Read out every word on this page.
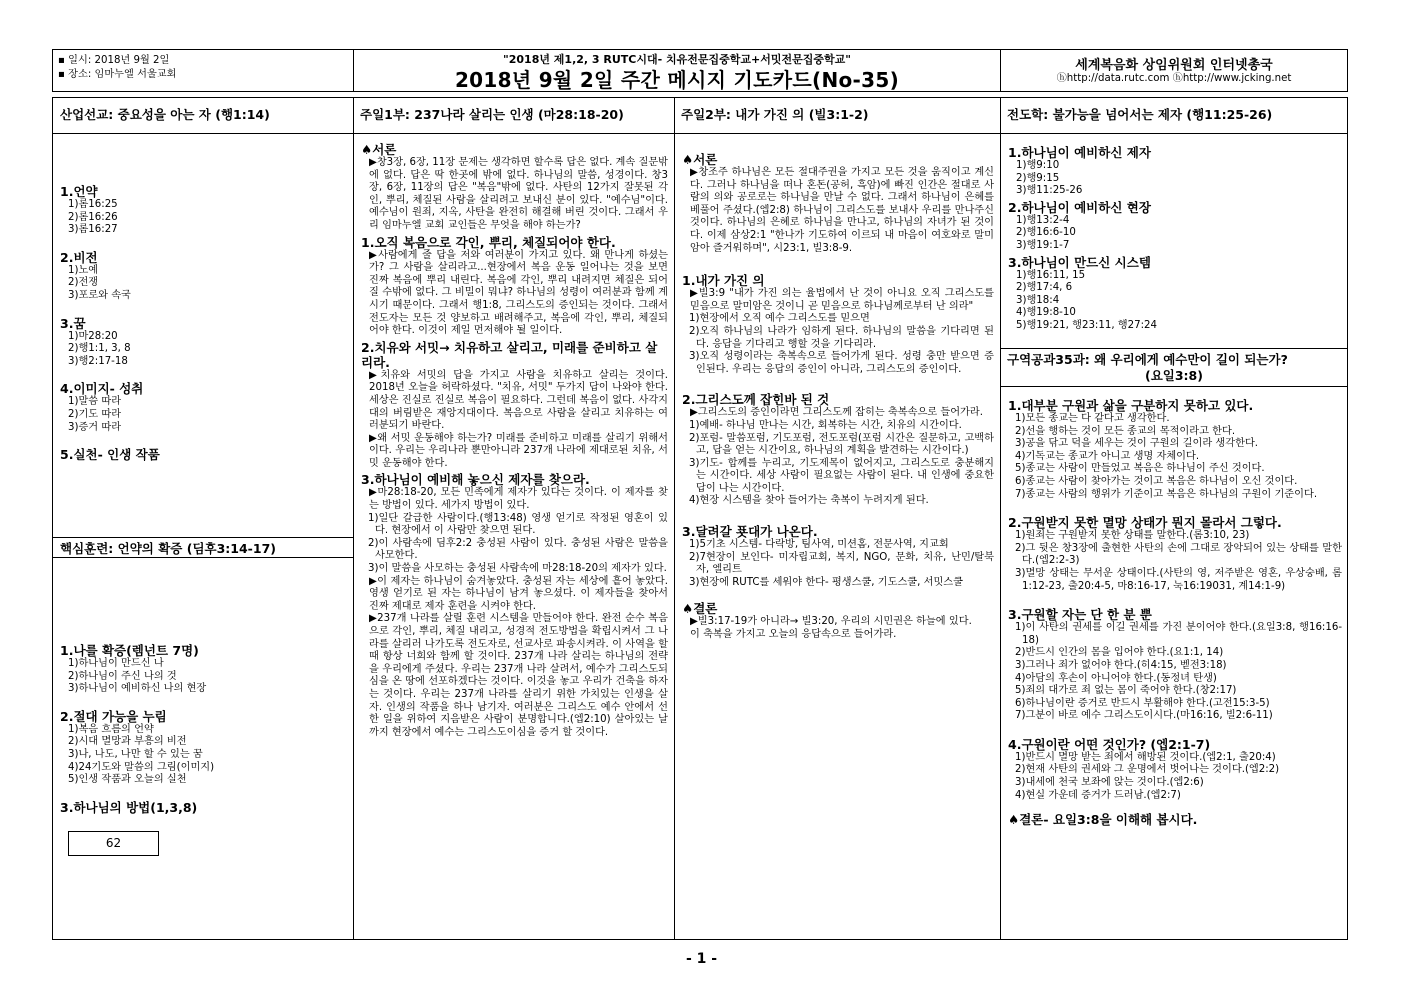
▪ 일시: 2018년 9월 2일
▪ 장소: 임마누엘 서울교회
"2018년 제1,2, 3 RUTC시대- 치유전문집중학교+서밋전문집중학교"
2018년 9월 2일 주간 메시지 기도카드(No-35)
세계복음화 상임위원회 인터넷총국
ⓗhttp://data.rutc.com ⓗhttp://www.jcking.net
산업선교: 중요성을 아는 자 (행1:14)	주일1부: 237나라 살리는 인생 (마28:18-20)	주일2부: 내가 가진 의 (빌3:1-2)	전도학: 불가능을 넘어서는 제자 (행11:25-26)
1.언약
1)롬16:25
2)롬16:26
3)롬16:27
2.비전
1)노예
2)전쟁
3)포로와 속국
3.꿈
1)마28:20
2)행1:1, 3, 8
3)행2:17-18
4.이미지- 성취
1)말씀 따라
2)기도 따라
3)증거 따라
5.실천- 인생 작품
핵심훈련: 언약의 확증 (딤후3:14-17)
1.나를 확증(렘넌트 7명)
1)하나님이 만드신 나
2)하나님이 주신 나의 것
3)하나님이 예비하신 나의 현장
2.절대 가능을 누림
1)복음 흐름의 언약
2)시대 멸망과 부흥의 비전
3)나, 나도, 나만 할 수 있는 꿈
4)24기도와 말씀의 그림(이미지)
5)인생 작품과 오늘의 실천
3.하나님의 방법(1,3,8)
62
♠서론
▶창3장, 6장, 11장 문제는 생각하면 할수록 답은 없다. 계속 질문밖에 없다. 답은 딱 한곳에 밖에 없다. 하나님의 말씀, 성경이다. 창3장, 6장, 11장의 답은 "복음"밖에 없다. 사탄의 12가지 잘못된 각인, 뿌리, 체질된 사람을 살리려고 보내신 분이 있다. "예수님"이다. 예수님이 원죄, 지옥, 사탄을 완전히 해결해 버린 것이다. 그래서 우리 임마누엘 교회 교인들은 무엇을 해야 하는가?
1.오직 복음으로 각인, 뿌리, 체질되어야 한다.
▶사람에게 줄 답을 저와 여러분이 가지고 있다. 왜 만나게 하셨는가? 그 사람을 살리라고...현장에서 복음 운동 일어나는 것을 보면 진짜 복음에 뿌리 내린다. 복음에 각인, 뿌리 내려지면 체질은 되어질 수밖에 없다. 그 비밀이 뭐냐? 하나님의 성령이 여러분과 함께 계시기 때문이다. 그래서 행1:8, 그리스도의 증인되는 것이다. 그래서 전도자는 모든 것 양보하고 배려해주고, 복음에 각인, 뿌리, 체질되어야 한다. 이것이 제일 먼저해야 될 일이다.
2.치유와 서밋→ 치유하고 살리고, 미래를 준비하고 살리라.
▶치유와 서밋의 답을 가지고 사람을 치유하고 살리는 것이다. 2018년 오늘을 허락하셨다. "치유, 서밋" 두가지 답이 나와야 한다. 세상은 진실로 진실로 복음이 필요하다. 그런데 복음이 없다. 사각지대의 버림받은 재앙지대이다. 복음으로 사람을 살리고 치유하는 여러분되기 바란다.
▶왜 서밋 운동해야 하는가? 미래를 준비하고 미래를 살리기 위해서이다. 우리는 우리나라 뿐만아니라 237개 나라에 제대로된 치유, 서밋 운동해야 한다.
3.하나님이 예비해 놓으신 제자를 찾으라.
▶마28:18-20, 모든 민족에게 제자가 있다는 것이다. 이 제자를 찾는 방법이 있다. 세가지 방법이 있다.
1)일단 갈급한 사람이다.(행13:48) 영생 얻기로 작정된 영혼이 있다. 현장에서 이 사람만 찾으면 된다.
2)이 사람속에 딤후2:2 충성된 사람이 있다. 충성된 사람은 말씀을 사모한다.
3)이 말씀을 사모하는 충성된 사람속에 마28:18-20의 제자가 있다.
▶이 제자는 하나님이 숨겨놓았다. 충성된 자는 세상에 흩어 놓았다. 영생 얻기로 된 자는 하나님이 남겨 놓으셨다. 이 제자들을 찾아서 진짜 제대로 제자 훈련을 시켜야 한다.
▶237개 나라를 살릴 훈련 시스템을 만들어야 한다. 완전 순수 복음으로 각인, 뿌리, 체질 내리고, 성경적 전도방법을 확립시켜서 그 나라를 살리러 나가도록 전도자로, 선교사로 파송시켜라. 이 사역을 할 때 항상 너희와 함께 할 것이다. 237개 나라 살리는 하나님의 전략을 우리에게 주셨다. 우리는 237개 나라 살려서, 예수가 그리스도되심을 온 땅에 선포하겠다는 것이다. 이것을 놓고 우리가 건축을 하자는 것이다. 우리는 237개 나라를 살리기 위한 가치있는 인생을 살자. 인생의 작품을 하나 남기자. 여러분은 그리스도 예수 안에서 선한 일을 위하여 지음받은 사람이 분명합니다.(엡2:10) 살아있는 날까지 현장에서 예수는 그리스도이심을 증거 할 것이다.
♠서론
▶창조주 하나님은 모든 절대주권을 가지고 모든 것을 움직이고 계신다. 그러나 하나님을 떠나 혼돈(공허, 흑암)에 빠진 인간은 절대로 사람의 의와 공로로는 하나님을 만날 수 없다. 그래서 하나님이 은혜를 베풀어 주셨다.(엡2:8) 하나님이 그리스도를 보내사 우리를 만나주신 것이다. 하나님의 은혜로 하나님을 만나고, 하나님의 자녀가 된 것이다. 이제 삼상2:1 "한나가 기도하여 이르되 내 마음이 여호와로 말미암아 즐거워하며", 시23:1, 빌3:8-9.
1.내가 가진 의
▶빌3:9 "내가 가진 의는 율법에서 난 것이 아니요 오직 그리스도를 믿음으로 말미암은 것이니 곧 믿음으로 하나님께로부터 난 의라"
1)현장에서 오직 예수 그리스도를 믿으면
2)오직 하나님의 나라가 임하게 된다. 하나님의 말씀을 기다리면 된다. 응답을 기다리고 행할 것을 기다리라.
3)오직 성령이라는 축복속으로 들어가게 된다. 성령 충만 받으면 증인된다. 우리는 응답의 증인이 아니라, 그리스도의 증인이다.
2.그리스도께 잡힌바 된 것
▶그리스도의 증인이라면 그리스도께 잡히는 축복속으로 들어가라.
1)예배- 하나님 만나는 시간, 회복하는 시간, 치유의 시간이다.
2)포럼- 말씀포럼, 기도포럼, 전도포럼(포럼 시간은 질문하고, 고백하고, 답을 얻는 시간이요, 하나님의 계획을 발견하는 시간이다.)
3)기도- 합께를 누리고, 기도제목이 없어지고, 그리스도로 충분해지는 시간이다. 세상 사람이 필요없는 사람이 된다. 내 인생에 중요한 답이 나는 시간이다.
4)현장 시스템을 찾아 들어가는 축복이 누려지게 된다.
3.달려갈 푯대가 나온다.
1)5기초 시스템- 다락방, 팀사역, 미션홈, 전문사역, 지교회
2)7현장이 보인다- 미자립교회, 복지, NGO, 문화, 치유, 난민/탈북자, 엘리트
3)현장에 RUTC를 세워야 한다- 평생스쿨, 기도스쿨, 서밋스쿨
♠결론
▶빌3:17-19가 아니라→ 빌3:20, 우리의 시민권은 하늘에 있다.
이 축복을 가지고 오늘의 응답속으로 들어가라.
1.하나님이 예비하신 제자
1)행9:10
2)행9:15
3)행11:25-26
2.하나님이 예비하신 현장
1)행13:2-4
2)행16:6-10
3)행19:1-7
3.하나님이 만드신 시스템
1)행16:11, 15
2)행17:4, 6
3)행18:4
4)행19:8-10
5)행19:21, 행23:11, 행27:24
구역공과35과: 왜 우리에게 예수만이 길이 되는가?
(요일3:8)
1.대부분 구원과 삶을 구분하지 못하고 있다.
1)모든 종교는 다 같다고 생각한다.
2)선을 행하는 것이 모든 종교의 목적이라고 한다.
3)공을 닦고 덕을 세우는 것이 구원의 길이라 생각한다.
4)기독교는 종교가 아니고 생명 자체이다.
5)종교는 사람이 만들었고 복음은 하나님이 주신 것이다.
6)종교는 사람이 찾아가는 것이고 복음은 하나님이 오신 것이다.
7)종교는 사람의 행위가 기준이고 복음은 하나님의 구원이 기준이다.
2.구원받지 못한 멸망 상태가 뭔지 몰라서 그렇다.
1)원죄는 구원받지 못한 상태를 말한다.(롬3:10, 23)
2)그 뒷은 창3장에 출현한 사탄의 손에 그대로 장악되어 있는 상태를 말한다.(엡2:2-3)
3)멸망 상태는 무서운 상태이다.(사탄의 영, 저주받은 영혼, 우상숭배, 롬1:12-23, 출20:4-5, 마8:16-17, 눅16:19031, 계14:1-9)
3.구원할 자는 단 한 분 뿐
1)이 사탄의 권세를 이길 권세를 가진 분이어야 한다.(요일3:8, 행16:16-18)
2)반드시 인간의 몸을 입어야 한다.(요1:1, 14)
3)그러나 죄가 없어야 한다.(히4:15, 벧전3:18)
4)아담의 후손이 아니어야 한다.(동정녀 탄생)
5)죄의 대가로 죄 없는 몸이 죽어야 한다.(창2:17)
6)하나님이란 증거로 반드시 부활해야 한다.(고전15:3-5)
7)그분이 바로 예수 그리스도이시다.(마16:16, 빌2:6-11)
4.구원이란 어떤 것인가? (엡2:1-7)
1)반드시 멸망 받는 죄에서 해방된 것이다.(엡2:1, 출20:4)
2)현재 사탄의 권세와 그 운명에서 벗어나는 것이다.(엡2:2)
3)내세에 천국 보좌에 앉는 것이다.(엡2:6)
4)현실 가운데 증거가 드러남.(엡2:7)
♠결론- 요일3:8을 이해해 봅시다.
- 1 -
